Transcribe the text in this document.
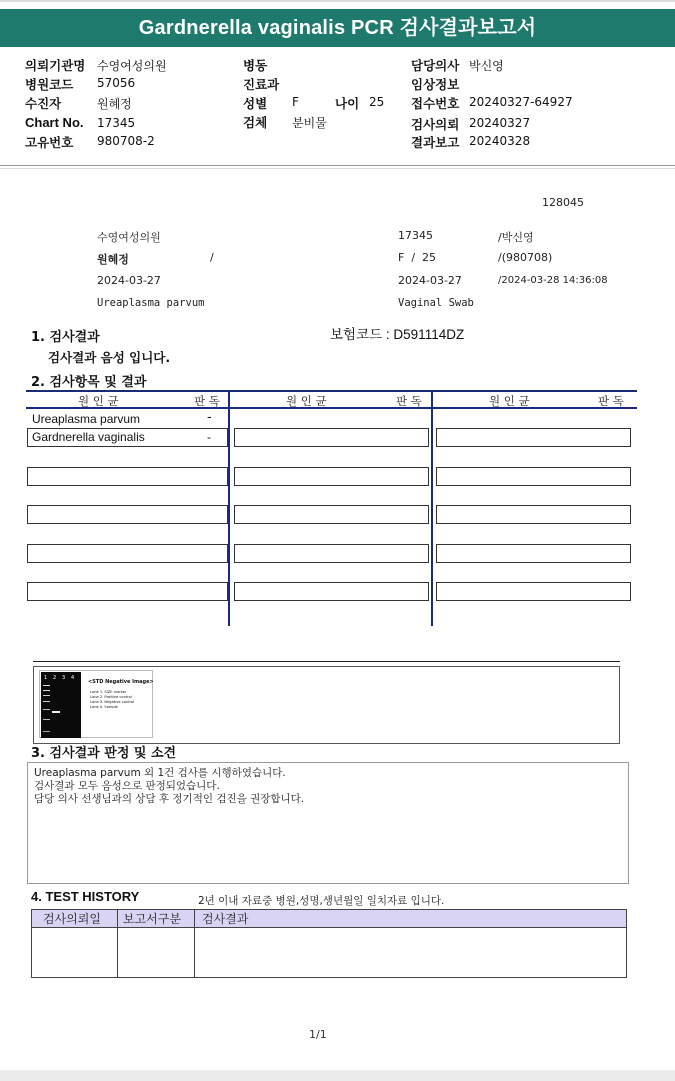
Gardnerella vaginalis PCR 검사결과보고서
의뢰기관명 수영여성의원
병원코드 57056
수진자	원혜정
Chart No. 17345
고유번호 980708-2
병동
진료과
성별 F	나이 25
검체 분비물
담당의사 박신영
임상정보
접수번호 20240327-64927
검사의뢰 20240327
결과보고 20240328
128045
수영여성의원	17345	/박신영
원혜정	/	F  /  25	/(980708)
2024-03-27	2024-03-27	/2024-03-28 14:36:08
Ureaplasma parvum	Vaginal Swab
1. 검사결과	보험코드 : D591114DZ
검사결과 음성 입니다.
2. 검사항목 및 결과
원 인 균	판 독	원 인 균	판 독	원 인 균	판 독
Ureaplasma parvum	-
Gardnerella vaginalis	-
1 2 3 4
<STD Negative Image>
Lane 1. SIZE marker
Lane 2. Positive control
Lane 3. Negative control
Lane 4. Sample
3. 검사결과 판정 및 소견
Ureaplasma parvum 외 1건 검사를 시행하였습니다.
검사결과 모두 음성으로 판정되었습니다.
담당 의사 선생님과의 상담 후 정기적인 검진을 권장합니다.
4. TEST HISTORY	2년 이내 자료중 병원,성명,생년월일 일치자료 입니다.
검사의뢰일 보고서구분 검사결과
1/1
